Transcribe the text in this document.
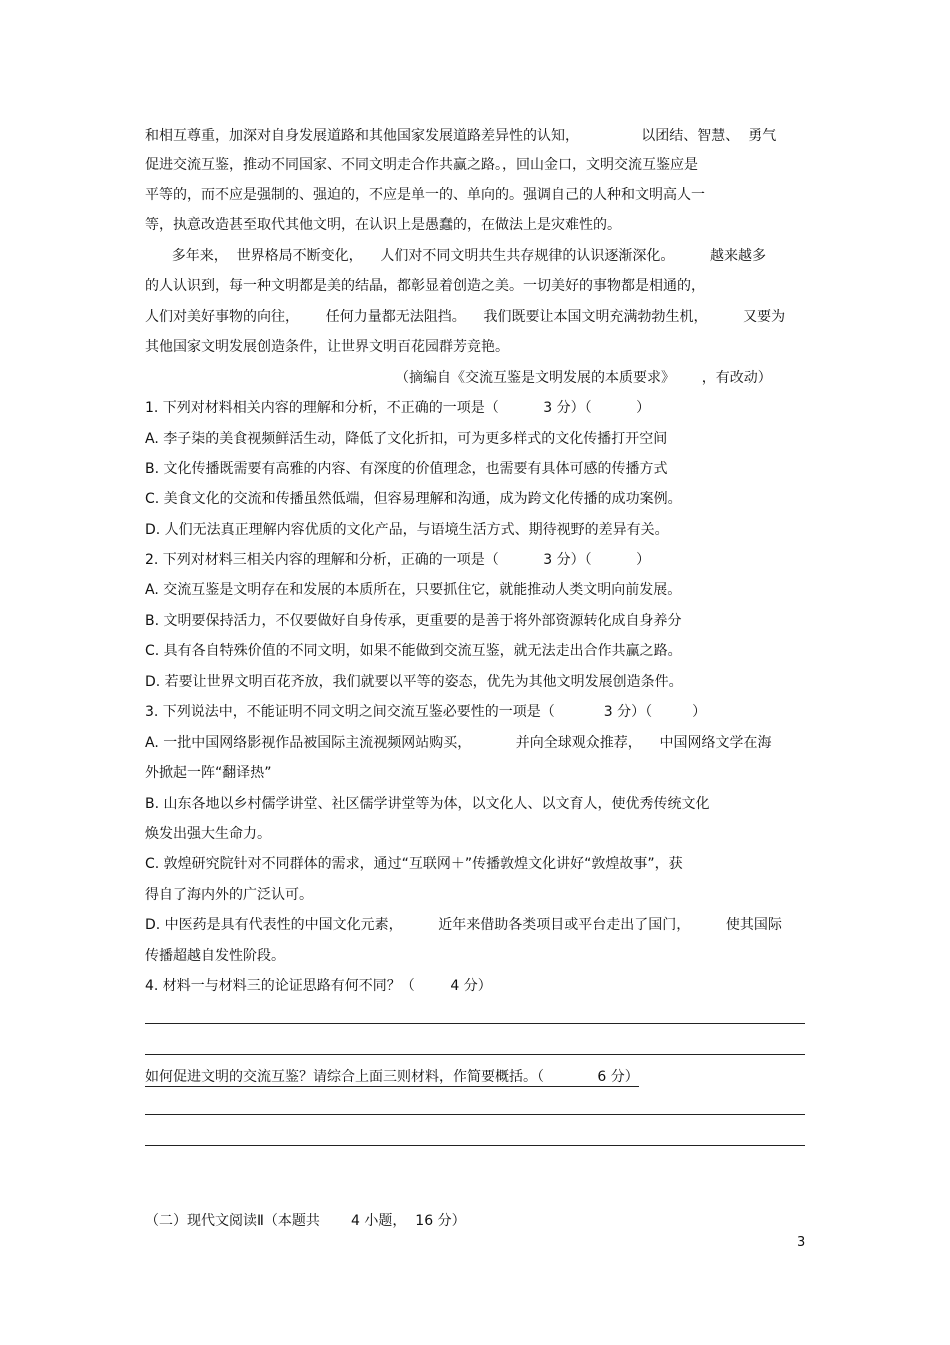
和相互尊重，加深对自身发展道路和其他国家发展道路差异性的认知，              以团结、智慧、  勇气

促进交流互鉴，推动不同国家、不同文明走合作共赢之路。，回山金口，文明交流互鉴应是

平等的，而不应是强制的、强迫的，不应是单一的、单向的。强调自己的人种和文明高人一

等，执意改造甚至取代其他文明，在认识上是愚蠢的，在做法上是灾难性的。

多年来，  世界格局不断变化，    人们对不同文明共生共存规律的认识逐渐深化。        越来越多

的人认识到，每一种文明都是美的结晶，都彰显着创造之美。一切美好的事物都是相通的，

人们对美好事物的向往，      任何力量都无法阻挡。    我们既要让本国文明充满勃勃生机，        又要为

其他国家文明发展创造条件，让世界文明百花园群芳竞艳。

（摘编自《交流互鉴是文明发展的本质要求》      ，有改动）

1. 下列对材料相关内容的理解和分析，不正确的一项是（          3 分）（          ）

A. 李子柒的美食视频鲜活生动，降低了文化折扣，可为更多样式的文化传播打开空间

B. 文化传播既需要有高雅的内容、有深度的价值理念，也需要有具体可感的传播方式

C. 美食文化的交流和传播虽然低端，但容易理解和沟通，成为跨文化传播的成功案例。

D. 人们无法真正理解内容优质的文化产品，与语境生活方式、期待视野的差异有关。

2. 下列对材料三相关内容的理解和分析，正确的一项是（          3 分）（          ）

A. 交流互鉴是文明存在和发展的本质所在，只要抓住它，就能推动人类文明向前发展。

B. 文明要保持活力，不仅要做好自身传承，更重要的是善于将外部资源转化成自身养分

C. 具有各自特殊价值的不同文明，如果不能做到交流互鉴，就无法走出合作共赢之路。

D. 若要让世界文明百花齐放，我们就要以平等的姿态，优先为其他文明发展创造条件。

3. 下列说法中，不能证明不同文明之间交流互鉴必要性的一项是（           3 分）（         ）

A. 一批中国网络影视作品被国际主流视频网站购买，          并向全球观众推荐，    中国网络文学在海

外掀起一阵“翻译热”

B. 山东各地以乡村儒学讲堂、社区儒学讲堂等为体，以文化人、以文育人，使优秀传统文化

焕发出强大生命力。

C. 敦煌研究院针对不同群体的需求，通过“互联网＋”传播敦煌文化讲好“敦煌故事”，获

得自了海内外的广泛认可。

D. 中医药是具有代表性的中国文化元素，        近年来借助各类项目或平台走出了国门，        使其国际

传播超越自发性阶段。

4. 材料一与材料三的论证思路有何不同？（        4 分）

如何促进文明的交流互鉴？请综合上面三则材料，作简要概括。（            6 分）

（二）现代文阅读Ⅱ（本题共       4 小题，  16 分）

3
